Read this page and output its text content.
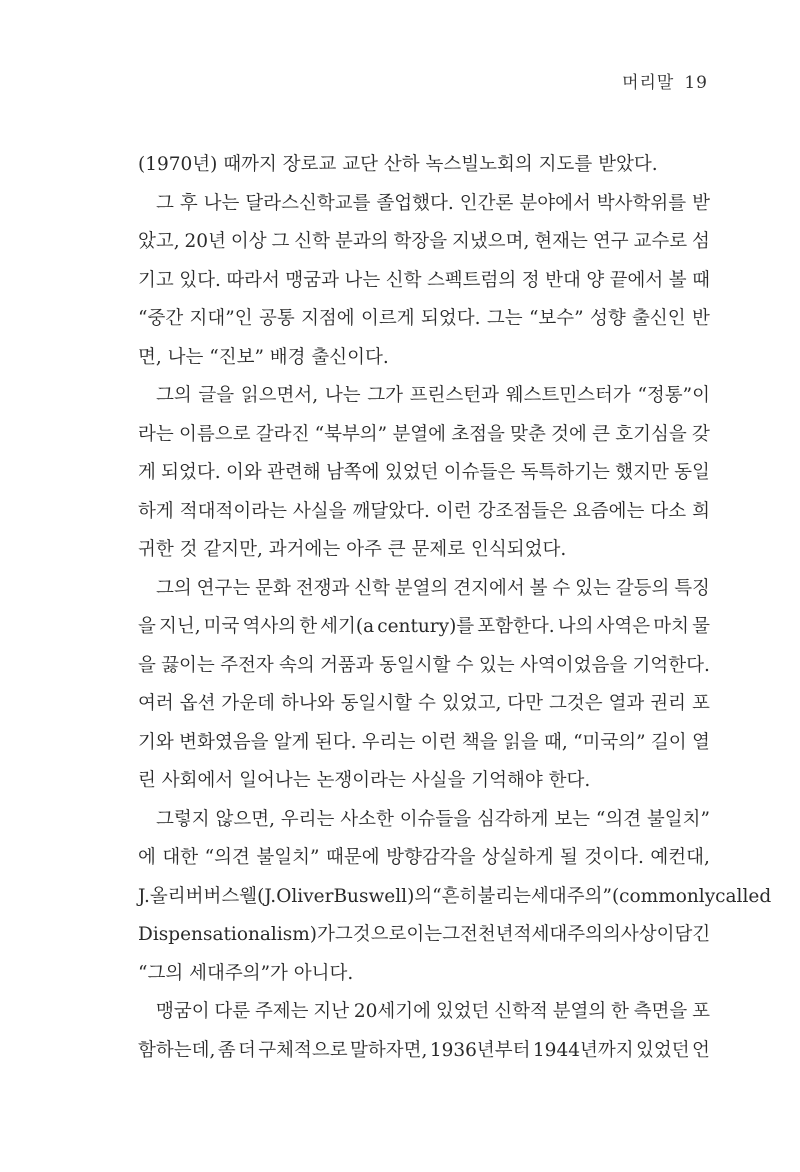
머리말 19
(1970년) 때까지 장로교 교단 산하 녹스빌노회의 지도를 받았다.
그 후 나는 달라스신학교를 졸업했다. 인간론 분야에서 박사학위를 받
았고, 20년 이상 그 신학 분과의 학장을 지냈으며, 현재는 연구 교수로 섬
기고 있다. 따라서 맹굼과 나는 신학 스펙트럼의 정 반대 양 끝에서 볼 때
“중간 지대”인 공통 지점에 이르게 되었다. 그는 “보수” 성향 출신인 반
면, 나는 “진보” 배경 출신이다.
그의 글을 읽으면서, 나는 그가 프린스턴과 웨스트민스터가 “정통”이
라는 이름으로 갈라진 “북부의” 분열에 초점을 맞춘 것에 큰 호기심을 갖
게 되었다. 이와 관련해 남쪽에 있었던 이슈들은 독특하기는 했지만 동일
하게 적대적이라는 사실을 깨달았다. 이런 강조점들은 요즘에는 다소 희
귀한 것 같지만, 과거에는 아주 큰 문제로 인식되었다.
그의 연구는 문화 전쟁과 신학 분열의 견지에서 볼 수 있는 갈등의 특징
을 지닌, 미국 역사의 한 세기(a century)를 포함한다. 나의 사역은 마치 물
을 끓이는 주전자 속의 거품과 동일시할 수 있는 사역이었음을 기억한다.
여러 옵션 가운데 하나와 동일시할 수 있었고, 다만 그것은 열과 권리 포
기와 변화였음을 알게 된다. 우리는 이런 책을 읽을 때, “미국의” 길이 열
린 사회에서 일어나는 논쟁이라는 사실을 기억해야 한다.
그렇지 않으면, 우리는 사소한 이슈들을 심각하게 보는 “의견 불일치”
에 대한 “의견 불일치” 때문에 방향감각을 상실하게 될 것이다. 예컨대,
J. 올리버 버스웰(J. Oliver Buswell)의 “흔히 불리는 세대주의”(commonlycalled
Dispensationalism)가 그것으로 이는 그 전천년적 세대주의의 사상이 담긴
“그의 세대주의”가 아니다.
맹굼이 다룬 주제는 지난 20세기에 있었던 신학적 분열의 한 측면을 포
함하는데, 좀 더 구체적으로 말하자면, 1936년부터 1944년까지 있었던 언
